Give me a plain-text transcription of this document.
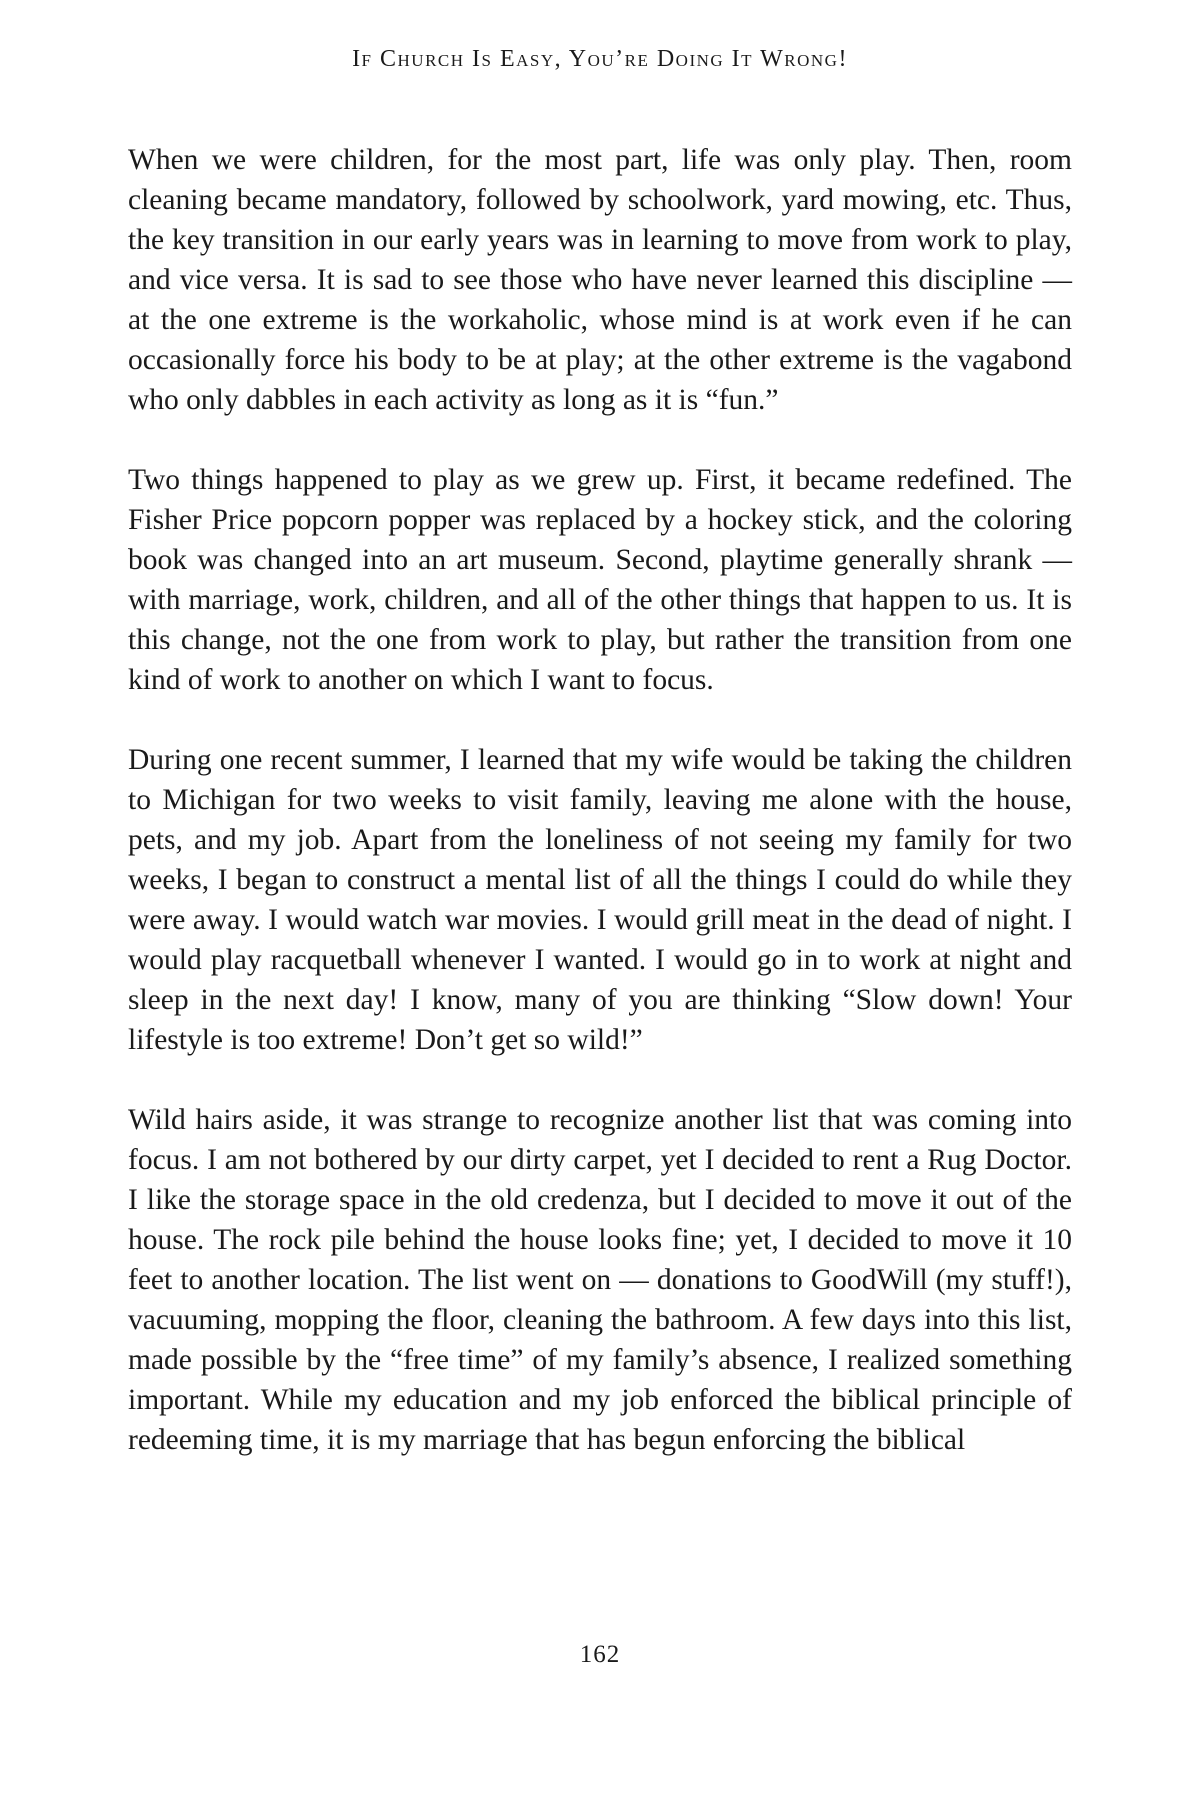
If Church Is Easy, You’re Doing It Wrong!

When we were children, for the most part, life was only play. Then, room cleaning became mandatory, followed by schoolwork, yard mowing, etc. Thus, the key transition in our early years was in learning to move from work to play, and vice versa. It is sad to see those who have never learned this discipline — at the one extreme is the workaholic, whose mind is at work even if he can occasionally force his body to be at play; at the other extreme is the vagabond who only dabbles in each activity as long as it is “fun.”

Two things happened to play as we grew up. First, it became redefined. The Fisher Price popcorn popper was replaced by a hockey stick, and the coloring book was changed into an art museum. Second, playtime generally shrank — with marriage, work, children, and all of the other things that happen to us. It is this change, not the one from work to play, but rather the transition from one kind of work to another on which I want to focus.

During one recent summer, I learned that my wife would be taking the children to Michigan for two weeks to visit family, leaving me alone with the house, pets, and my job. Apart from the loneliness of not seeing my family for two weeks, I began to construct a mental list of all the things I could do while they were away. I would watch war movies. I would grill meat in the dead of night. I would play racquetball whenever I wanted. I would go in to work at night and sleep in the next day! I know, many of you are thinking “Slow down! Your lifestyle is too extreme! Don’t get so wild!”

Wild hairs aside, it was strange to recognize another list that was coming into focus. I am not bothered by our dirty carpet, yet I decided to rent a Rug Doctor. I like the storage space in the old credenza, but I decided to move it out of the house. The rock pile behind the house looks fine; yet, I decided to move it 10 feet to another location. The list went on — donations to GoodWill (my stuff!), vacuuming, mopping the floor, cleaning the bathroom. A few days into this list, made possible by the “free time” of my family’s absence, I realized something important. While my education and my job enforced the biblical principle of redeeming time, it is my marriage that has begun enforcing the biblical

162
